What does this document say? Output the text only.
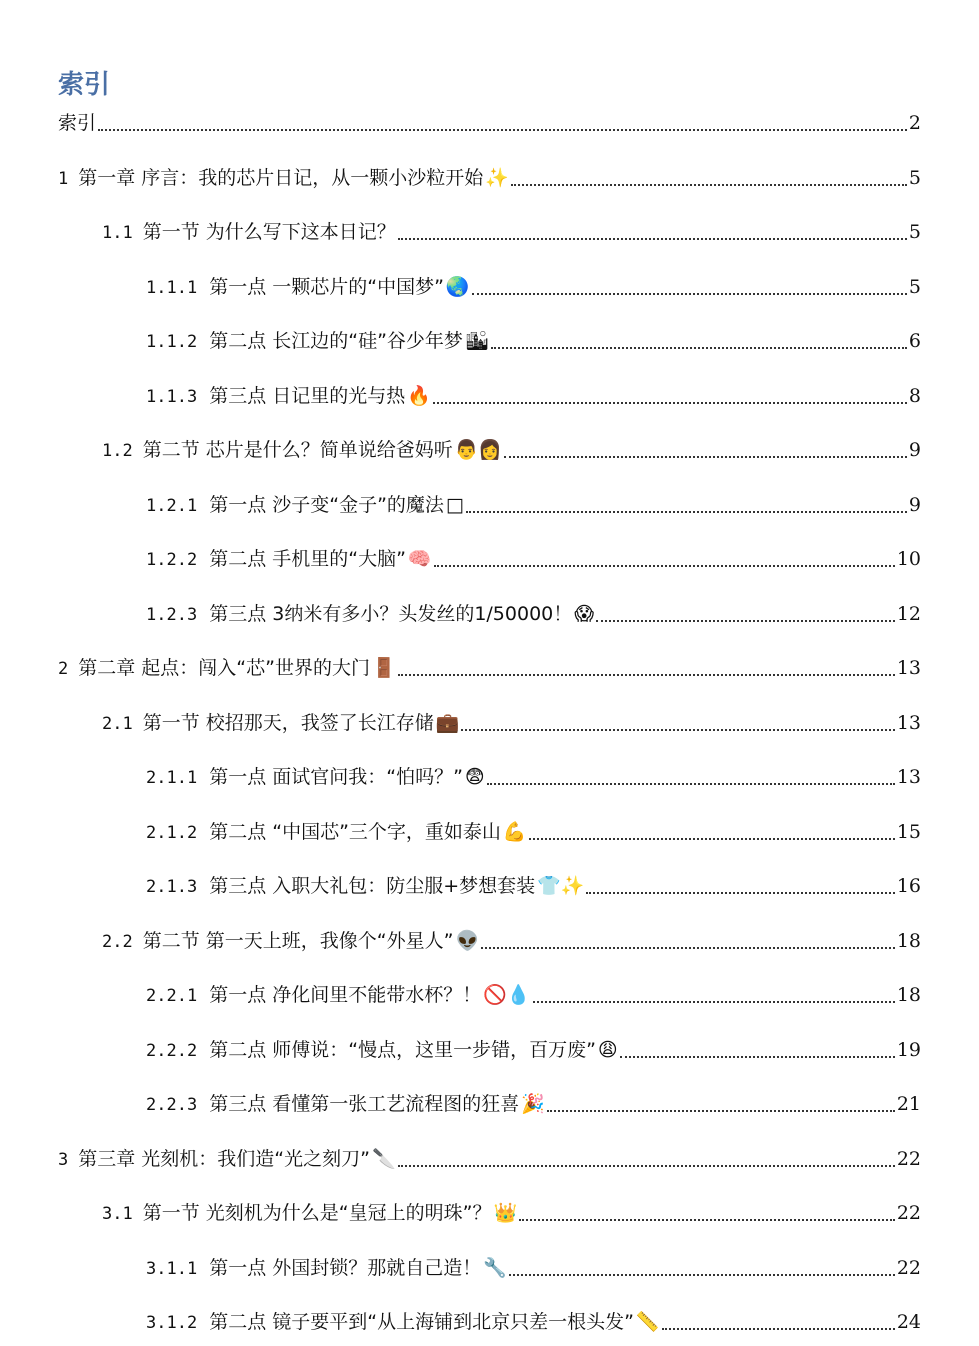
索引
索引	2
1 第一章 序言：我的芯片日记，从一颗小沙粒开始 ✨	5
1.1 第一节 为什么写下这本日记？	5
1.1.1 第一点 一颗芯片的“中国梦” 🌏	5
1.1.2 第二点 长江边的“硅”谷少年梦 🏙	6
1.1.3 第三点 日记里的光与热 🔥	8
1.2 第二节 芯片是什么？简单说给爸妈听 👨‍👩	9
1.2.1 第一点 沙子变“金子”的魔法 □	9
1.2.2 第二点 手机里的“大脑” 🧠	10
1.2.3 第三点 3纳米有多小？头发丝的1/50000！ 😱	12
2 第二章 起点：闯入“芯”世界的大门 🚪	13
2.1 第一节 校招那天，我签了长江存储 💼	13
2.1.1 第一点 面试官问我：“怕吗？” 😨	13
2.1.2 第二点 “中国芯”三个字，重如泰山 💪	15
2.1.3 第三点 入职大礼包：防尘服+梦想套装 👕✨	16
2.2 第二节 第一天上班，我像个“外星人” 👽	18
2.2.1 第一点 净化间里不能带水杯？！ 🚫💧	18
2.2.2 第二点 师傅说：“慢点，这里一步错，百万废” 😩	19
2.2.3 第三点 看懂第一张工艺流程图的狂喜 🎉	21
3 第三章 光刻机：我们造“光之刻刀” 🔪	22
3.1 第一节 光刻机为什么是“皇冠上的明珠”？ 👑	22
3.1.1 第一点 外国封锁？那就自己造！ 🔧	22
3.1.2 第二点 镜子要平到“从上海铺到北京只差一根头发” 📏	24
